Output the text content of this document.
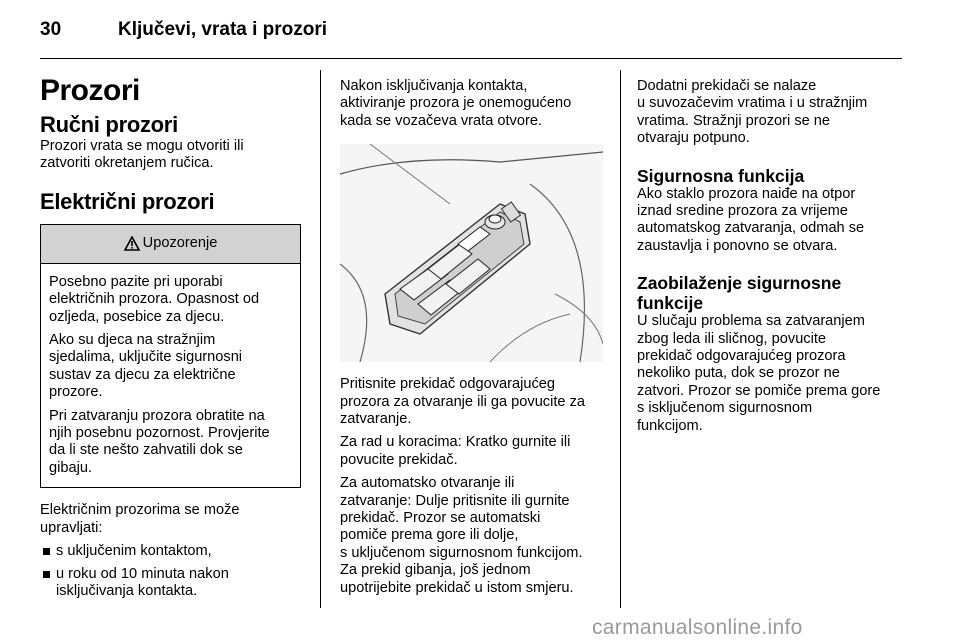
30	Ključevi, vrata i prozori
Prozori
Ručni prozori

Prozori vrata se mogu otvoriti ili
zatvoriti okretanjem ručica.

Električni prozori
Upozorenje

Posebno pazite pri uporabi
električnih prozora. Opasnost od
ozljeda, posebice za djecu.

Ako su djeca na stražnjim
sjedalima, uključite sigurnosni
sustav za djecu za električne
prozore.

Pri zatvaranju prozora obratite na
njih posebnu pozornost. Provjerite
da li ste nešto zahvatili dok se
gibaju.

Električnim prozorima se može
upravljati:

s uključenim kontaktom,
u roku od 10 minuta nakon
isključivanja kontakta.

Nakon isključivanja kontakta,
aktiviranje prozora je onemogućeno
kada se vozačeva vrata otvore.

Pritisnite prekidač odgovarajućeg
prozora za otvaranje ili ga povucite za
zatvaranje.

Za rad u koracima: Kratko gurnite ili
povucite prekidač.

Za automatsko otvaranje ili
zatvaranje: Dulje pritisnite ili gurnite
prekidač. Prozor se automatski
pomiče prema gore ili dolje,
s uključenom sigurnosnom funkcijom.
Za prekid gibanja, još jednom
upotrijebite prekidač u istom smjeru.

Dodatni prekidači se nalaze
u suvozačevim vratima i u stražnjim
vratima. Stražnji prozori se ne
otvaraju potpuno.

Sigurnosna funkcija

Ako staklo prozora naiđe na otpor
iznad sredine prozora za vrijeme
automatskog zatvaranja, odmah se
zaustavlja i ponovno se otvara.

Zaobilaženje sigurnosne
funkcije

U slučaju problema sa zatvaranjem
zbog leda ili sličnog, povucite
prekidač odgovarajućeg prozora
nekoliko puta, dok se prozor ne
zatvori. Prozor se pomiče prema gore
s isključenom sigurnosnom
funkcijom.

carmanualsonline.info
